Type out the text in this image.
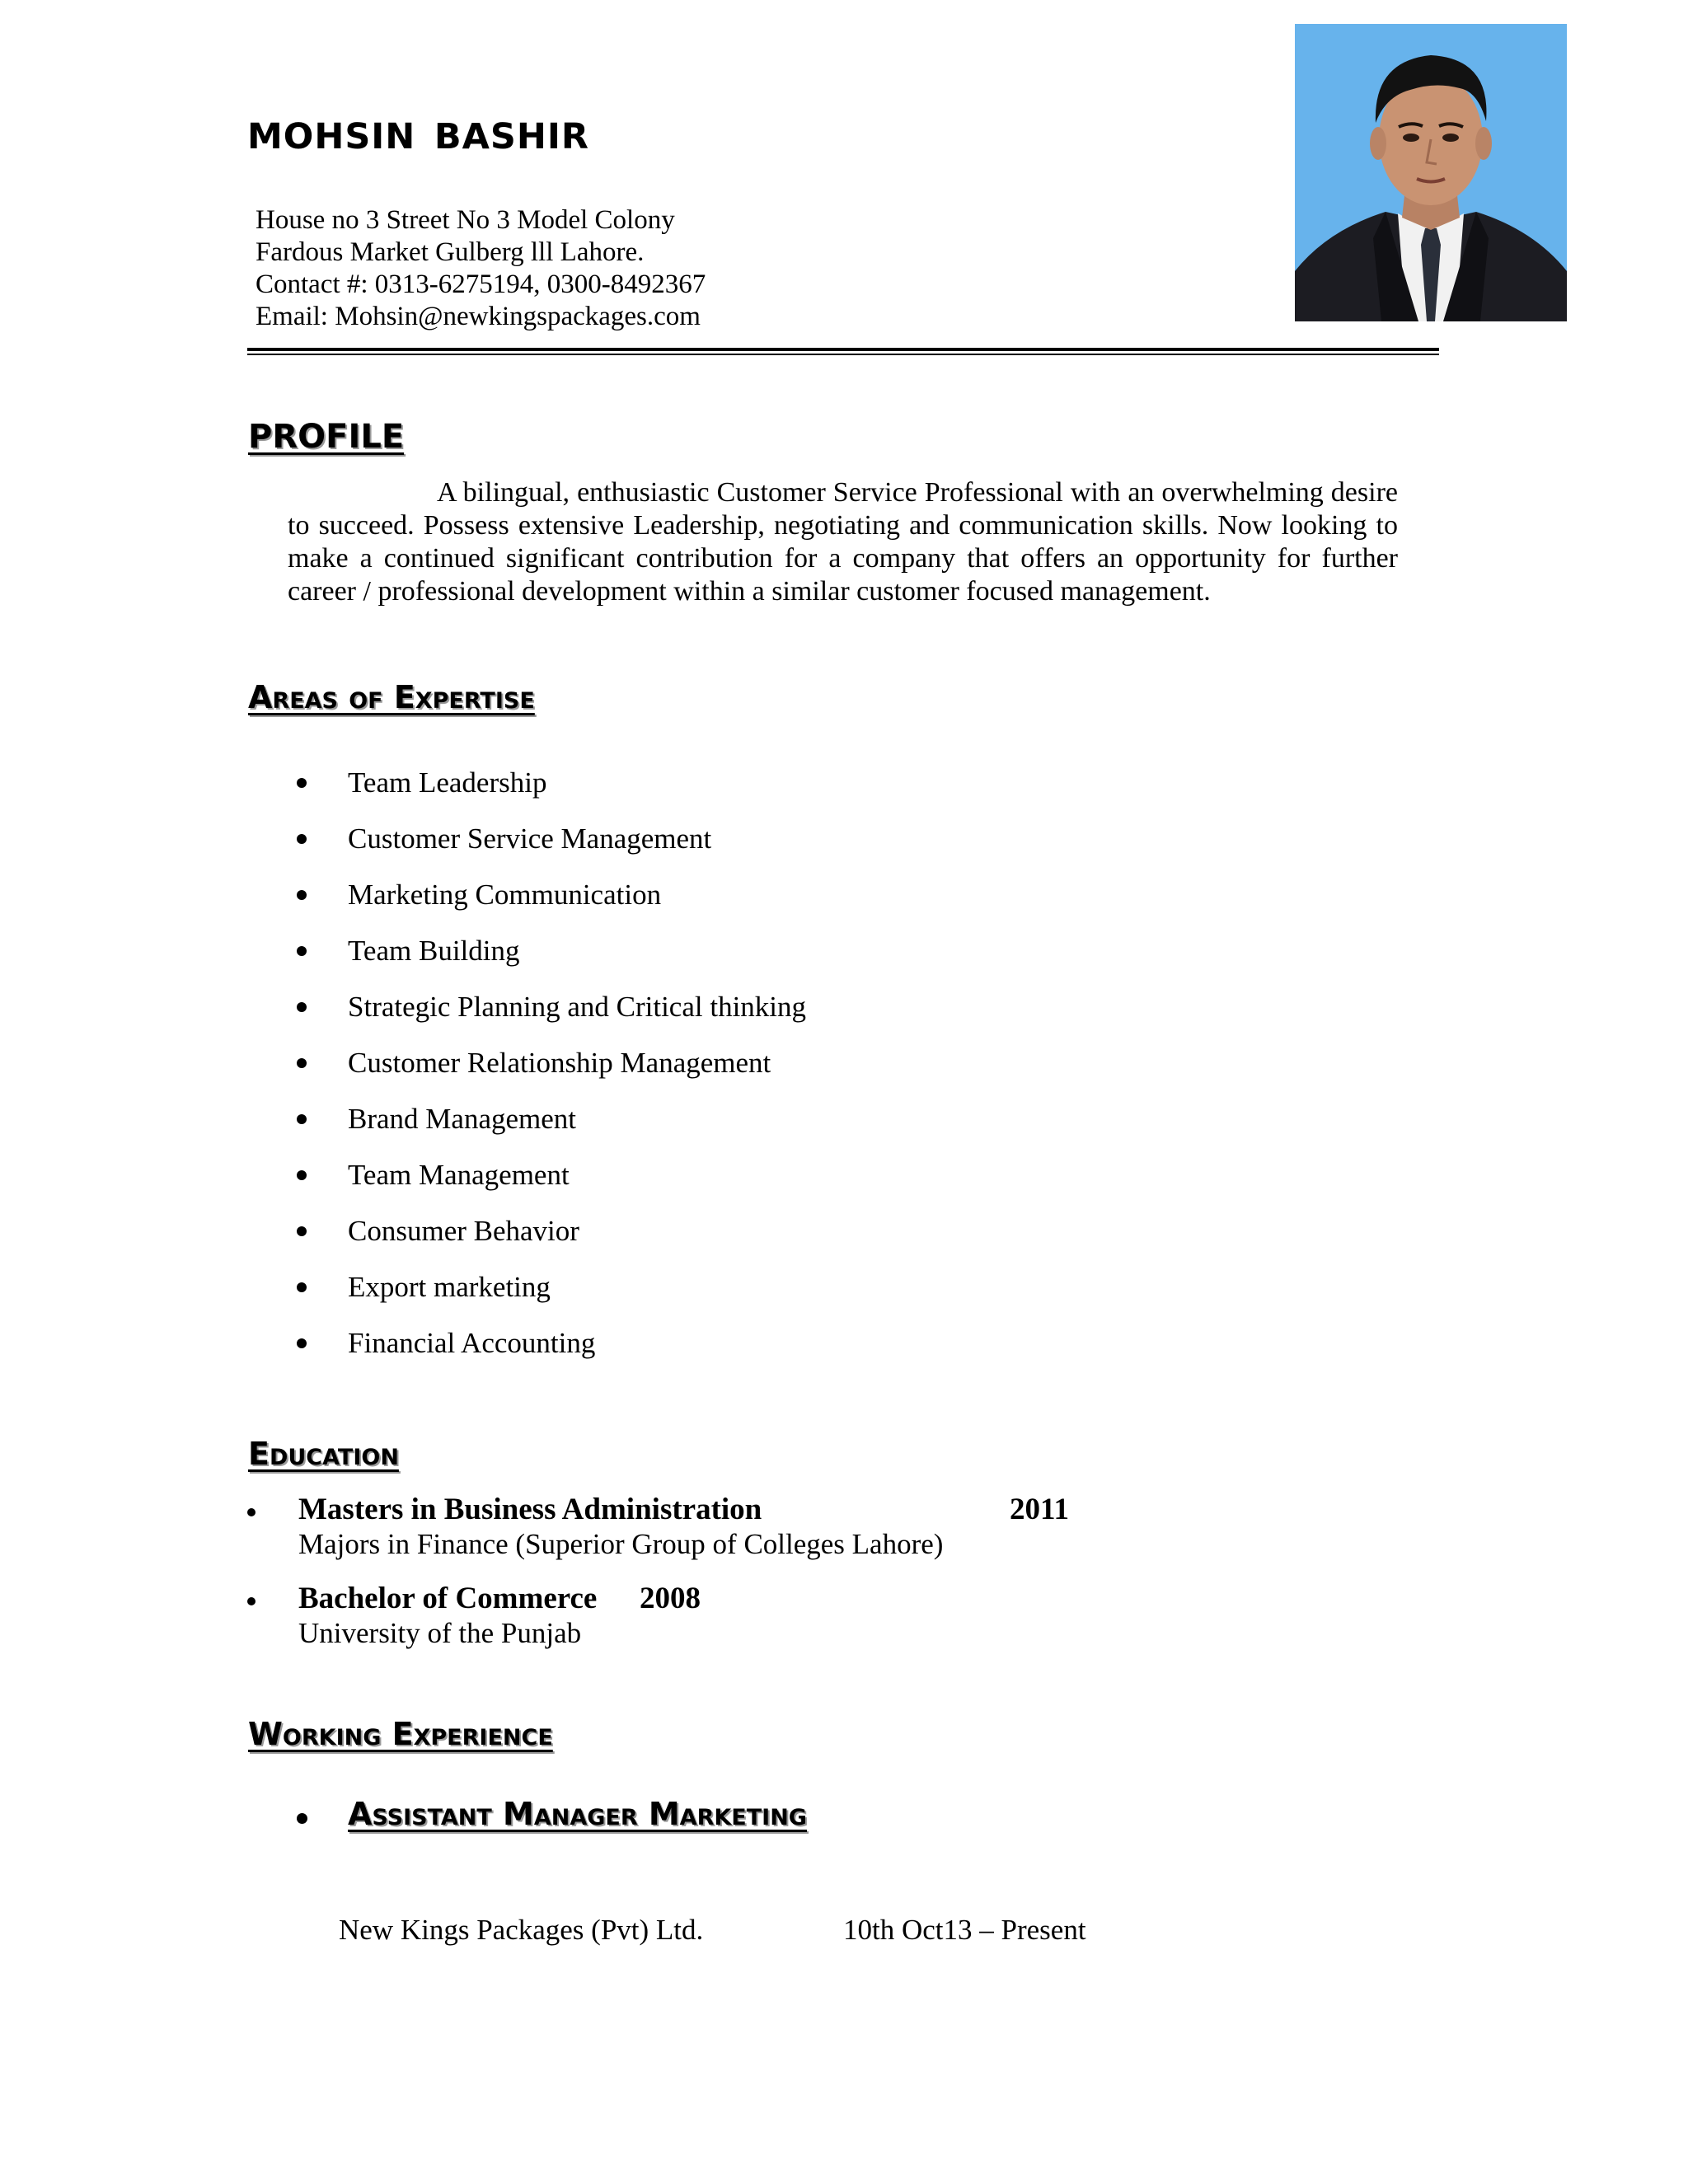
mohsin bashir
House no 3 Street No 3 Model Colony
Fardous Market Gulberg lll Lahore.
Contact #: 0313-6275194, 0300-8492367
Email: Mohsin@newkingspackages.com
PROFILE
A bilingual, enthusiastic Customer Service Professional with an overwhelming desire to succeed. Possess extensive Leadership, negotiating and communication skills. Now looking to make a continued significant contribution for a company that offers an opportunity for further career / professional development within a similar customer focused management.
Areas of Expertise
Team Leadership
Customer Service Management
Marketing Communication
Team Building
Strategic Planning and Critical thinking
Customer Relationship Management
Brand Management
Team Management
Consumer Behavior
Export marketing
Financial Accounting
Education
Masters in Business Administration	2011
Majors in Finance (Superior Group of Colleges Lahore)
Bachelor of Commerce 2008
University of the Punjab
Working Experience
Assistant Manager Marketing
New Kings Packages (Pvt) Ltd.	10th Oct13 – Present
